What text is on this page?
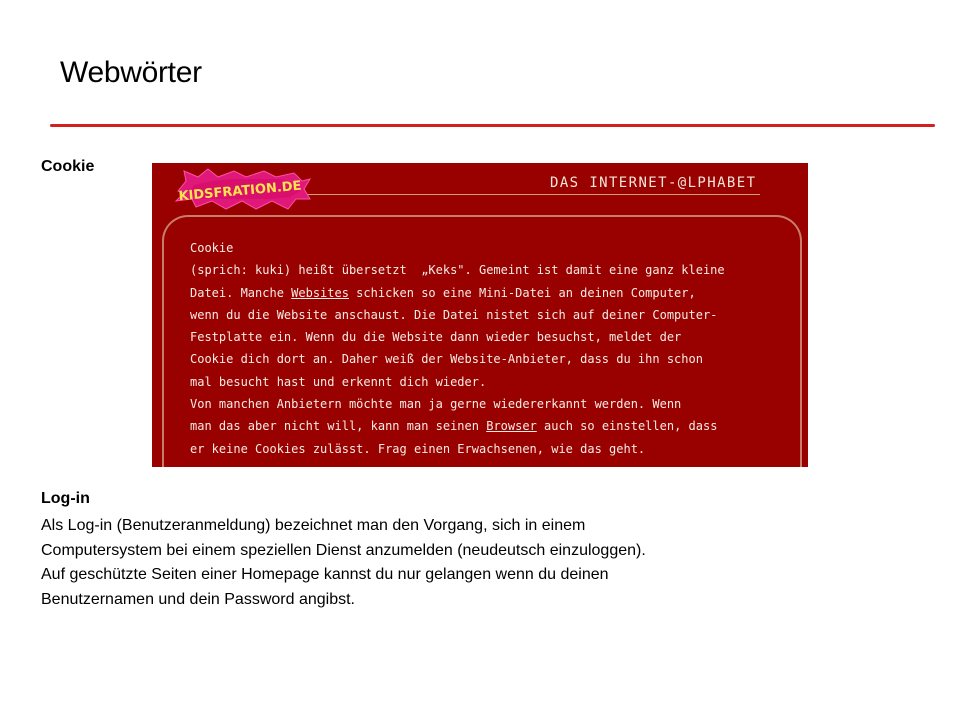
Webwörter
Cookie
KIDSFRATION.DE	DAS INTERNET-@LPHABET
Cookie
(sprich: kuki) heißt übersetzt  „Keks". Gemeint ist damit eine ganz kleine
Datei. Manche Websites schicken so eine Mini-Datei an deinen Computer,
wenn du die Website anschaust. Die Datei nistet sich auf deiner Computer-
Festplatte ein. Wenn du die Website dann wieder besuchst, meldet der
Cookie dich dort an. Daher weiß der Website-Anbieter, dass du ihn schon
mal besucht hast und erkennt dich wieder.
Von manchen Anbietern möchte man ja gerne wiedererkannt werden. Wenn
man das aber nicht will, kann man seinen Browser auch so einstellen, dass
er keine Cookies zulässt. Frag einen Erwachsenen, wie das geht.
Log-in
Als Log-in (Benutzeranmeldung) bezeichnet man den Vorgang, sich in einem
Computersystem bei einem speziellen Dienst anzumelden (neudeutsch einzuloggen).
Auf geschützte Seiten einer Homepage kannst du nur gelangen wenn du deinen
Benutzernamen und dein Password angibst.
